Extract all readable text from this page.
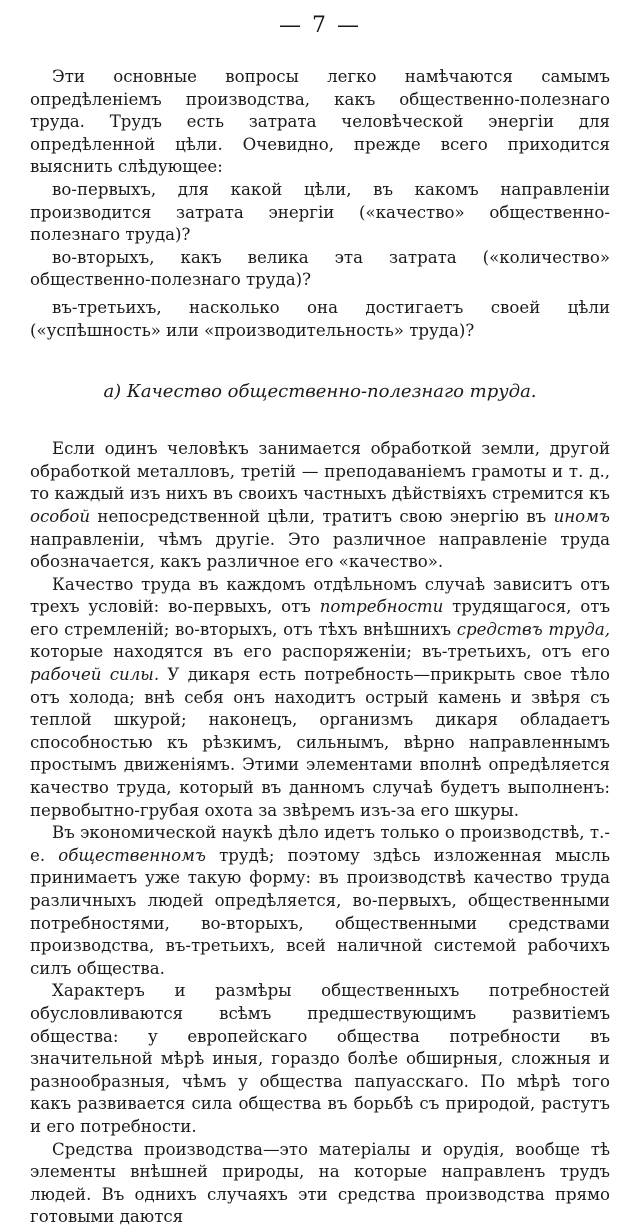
— 7 —

Эти основные вопросы легко намѣчаются самымъ опредѣленіемъ производства, какъ общественно-полезнаго труда. Трудъ есть затрата человѣческой энергіи для опредѣленной цѣли. Очевидно, прежде всего приходится выяснить слѣдующее:

во-первыхъ, для какой цѣли, въ какомъ направленіи производится затрата энергіи («качество» общественно-полезнаго труда)?

во-вторыхъ, какъ велика эта затрата («количество» общественно-полезнаго труда)?

въ-третьихъ, насколько она достигаетъ своей цѣли («успѣшность» или «производительность» труда)?

а) Качество общественно-полезнаго труда.

Если одинъ человѣкъ занимается обработкой земли, другой обработкой металловъ, третій — преподаваніемъ грамоты и т. д., то каждый изъ нихъ въ своихъ частныхъ дѣйствіяхъ стремится къ особой непосредственной цѣли, тратитъ свою энергію въ иномъ направленіи, чѣмъ другіе. Это различное направленіе труда обозначается, какъ различное его «качество».

Качество труда въ каждомъ отдѣльномъ случаѣ зависитъ отъ трехъ условій: во-первыхъ, отъ потребности трудящагося, отъ его стремленій; во-вторыхъ, отъ тѣхъ внѣшнихъ средствъ труда, которые находятся въ его распоряженіи; въ-третьихъ, отъ его рабочей силы. У дикаря есть потребность—прикрыть свое тѣло отъ холода; внѣ себя онъ находитъ острый камень и звѣря съ теплой шкурой; наконецъ, организмъ дикаря обладаетъ способностью къ рѣзкимъ, сильнымъ, вѣрно направленнымъ простымъ движеніямъ. Этими элементами вполнѣ опредѣляется качество труда, который въ данномъ случаѣ будетъ выполненъ: первобытно-грубая охота за звѣремъ изъ-за его шкуры.

Въ экономической наукѣ дѣло идетъ только о производствѣ, т.-е. общественномъ трудѣ; поэтому здѣсь изложенная мысль принимаетъ уже такую форму: въ производствѣ качество труда различныхъ людей опредѣляется, во-первыхъ, общественными потребностями, во-вторыхъ, общественными средствами производства, въ-третьихъ, всей наличной системой рабочихъ силъ общества.

Характеръ и размѣры общественныхъ потребностей обусловливаются всѣмъ предшествующимъ развитіемъ общества: у европейскаго общества потребности въ значительной мѣрѣ иныя, гораздо болѣе обширныя, сложныя и разнообразныя, чѣмъ у общества папуасскаго. По мѣрѣ того какъ развивается сила общества въ борьбѣ съ природой, растутъ и его потребности.

Средства производства—это матеріалы и орудія, вообще тѣ элементы внѣшней природы, на которые направленъ трудъ людей. Въ однихъ случаяхъ эти средства производства прямо готовыми даются
